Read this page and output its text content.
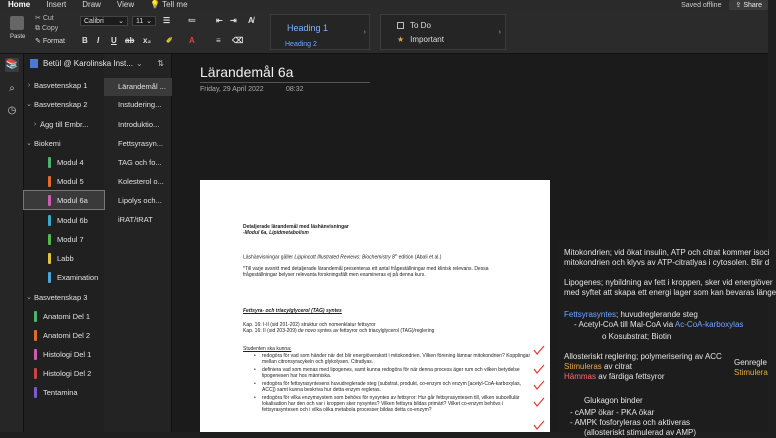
Home	Insert	Draw	View	💡 Tell me	Saved offline	⇪ Share
Paste
✂ Cut
⧉ Copy
✎ Format
Calibri ⌄	11 ⌄ ☰ ≔	⇤ ⇥ A̸
B I U ab x₂ ✐ A	≡ ⌫
Heading 1
Heading 2
›
To Do
★ Important
›
📚
⌕
◷
Betül @ Karolinska Inst... ⌄ ⇅
› Basvetenskap 1
⌄ Basvetenskap 2
› Ägg till Embr...
⌄ Biokemi
Modul 4
Modul 5
Modul 6a
Modul 6b
Modul 7
Labb
Examination
⌄ Basvetenskap 3
Anatomi Del 1
Anatomi Del 2
Histologi Del 1
Histologi Del 2
Tentamina
Lärandemål ...
Instudering...
Introduktio...
Fettsyrasyn...
TAG och fo...
Kolesterol o...
Lipolys och...
iRAT/tRAT
Lärandemål 6a
Friday, 29 April 2022	08:32
Detaljerade lärandemål med läshänvisningar
-Modul 6a, Lipidmetabolism
Läshänvisningar gäller Lippincott Illustrated Reviews: Biochemistry 8th edition (Abali et al.)
*Till varje avsnitt med detaljerade lärandemål presenteras ett antal frågeställningar med klinisk relevans. Dessa frågeställningar belyser relevanta forskningsfält men examineras ej på denna kurs.
Fettsyra- och triacylglycerol (TAG) syntes
Kap. 16: I-II (sid 201-202) struktur och nomenklatur fettsyror
Kap. 16: II (sid 203-209) de novo syntes av fettsyror och triacylglycerol (TAG)/reglering
Studenten ska kunna:
• redogöra för vad som händer när det blir energiöverskott i mitokondrien. Vilken förening lämnar mitokondrien? Kopplingar mellan citronsyracykeln och glykolysen. Citratlyas.
• definiera vad som menas med lipogenes, samt kunna redogöra för när denna process äger rum och vilken betydelse lipogenesen har hos människa.
• redogöra för fettsyrasyntesens huvudreglerade steg (substrat, produkt, co-enzym och enzym [acetyl-CoA-karboxylas, ACC]) samt kunna beskriva hur detta enzym regleras.
• redogöra för vilka enzymsystem som behövs för nysyntes av fettsyror: Hur går fettsyrasyntesen till, vilken subcellulär lokalisation har den och var i kroppen sker nysyntes? Vilken fettsyra bildas primärt? Vilket co-enzym behövs i fettsyrasyntesen och i vilka olika metabola processer bildas detta co-enzym?
Mitokondrien; vid ökat insulin, ATP och citrat kommer isoci
mitokondrien och klyvs av ATP-citratlyas i cytosolen. Blir d
Lipogenes; nybildning av fett i kroppen, sker vid energiöver
med syftet att skapa ett energi lager som kan bevaras länge
Fettsyrasyntes; huvudreglerande steg
- Acetyl-CoA till Mal-CoA via Ac-CoA-karboxylas
o Kosubstrat; Biotin
Allosteriskt reglering; polymerisering av ACC
Stimuleras av citrat
Hämmas av färdiga fettsyror
Genregle
Stimulera
Glukagon binder
- cAMP ökar - PKA ökar
- AMPK fosforyleras och aktiveras
(allosteriskt stimulerad av AMP)
